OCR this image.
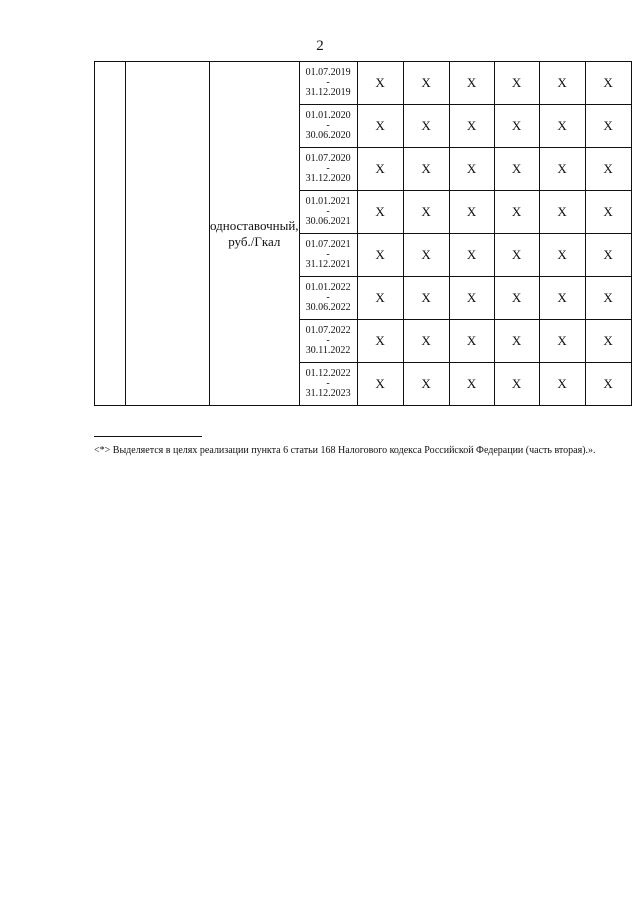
2
		одноставочный, руб./Гкал	01.07.2019
-
31.12.2019	X	X	X	X	X	X

			01.01.2020
-
30.06.2020	X	X	X	X	X	X

			01.07.2020
-
31.12.2020	X	X	X	X	X	X

			01.01.2021
-
30.06.2021	X	X	X	X	X	X

			01.07.2021
-
31.12.2021	X	X	X	X	X	X

			01.01.2022
-
30.06.2022	X	X	X	X	X	X

			01.07.2022
-
30.11.2022	X	X	X	X	X	X

			01.12.2022
-
31.12.2023	X	X	X	X	X	X
<*> Выделяется в целях реализации пункта 6 статьи 168 Налогового кодекса Российской Федерации (часть вторая).».
